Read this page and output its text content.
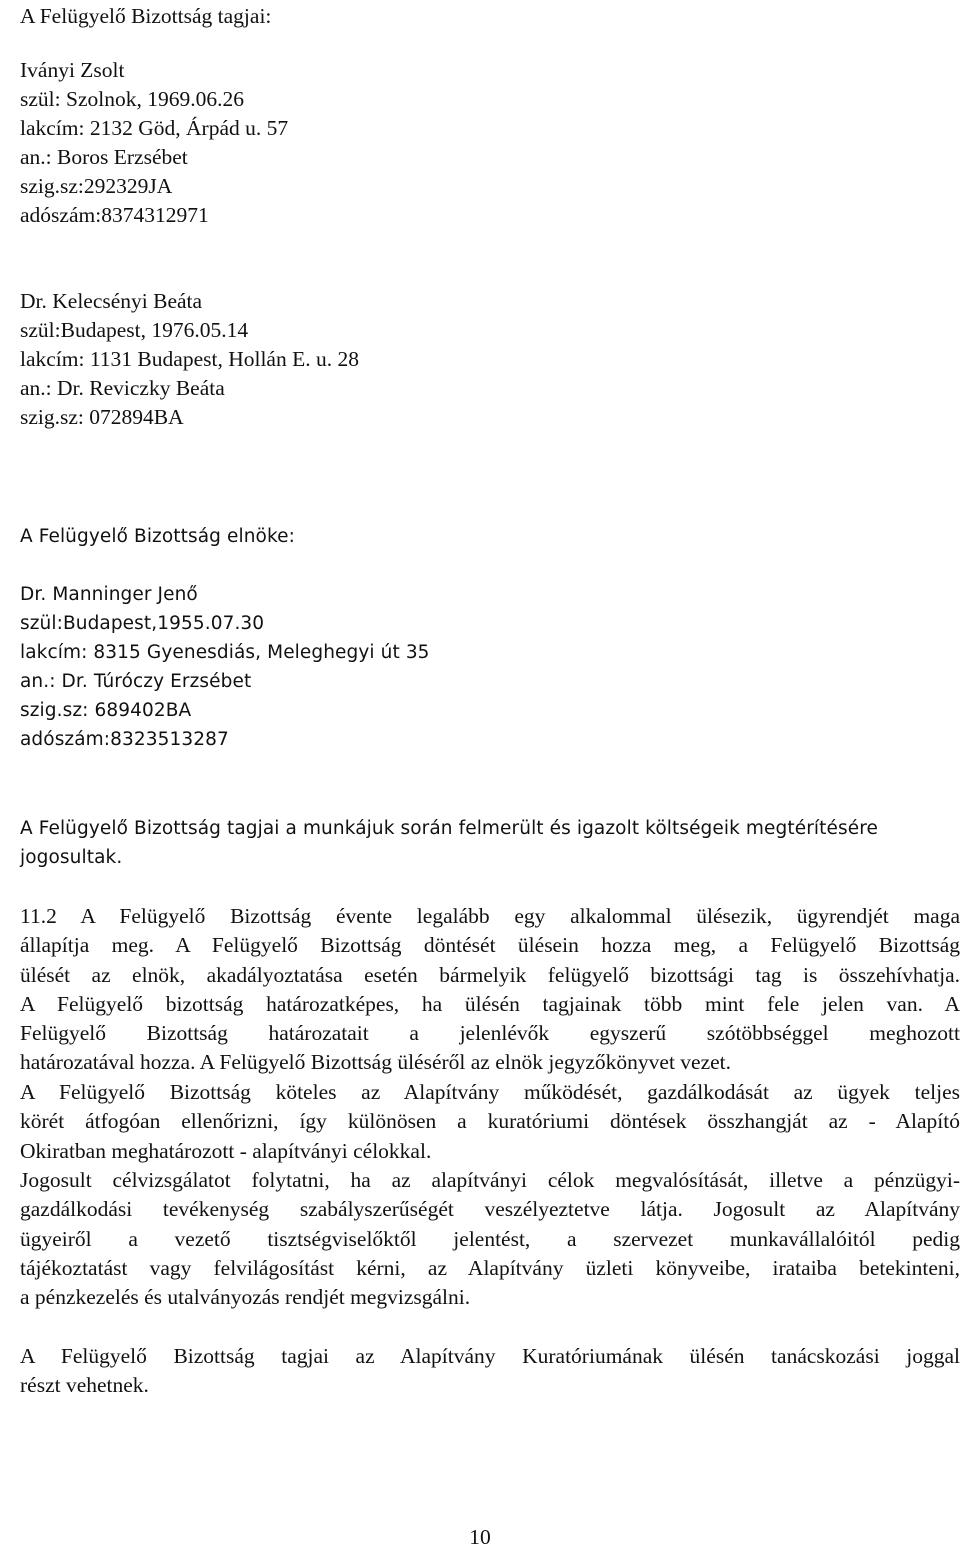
A Felügyelő Bizottság tagjai:
Iványi Zsolt
szül: Szolnok, 1969.06.26
lakcím: 2132 Göd, Árpád u. 57
an.: Boros Erzsébet
szig.sz:292329JA
adószám:8374312971
Dr. Kelecsényi Beáta
szül:Budapest, 1976.05.14
lakcím: 1131 Budapest, Hollán E. u. 28
an.: Dr. Reviczky Beáta
szig.sz: 072894BA
A Felügyelő Bizottság elnöke:
Dr. Manninger Jenő
szül:Budapest,1955.07.30
lakcím: 8315 Gyenesdiás, Meleghegyi út 35
an.: Dr. Túróczy Erzsébet
szig.sz: 689402BA
adószám:8323513287
A Felügyelő Bizottság tagjai a munkájuk során felmerült és igazolt költségeik megtérítésére
jogosultak.
11.2 A Felügyelő Bizottság évente legalább egy alkalommal ülésezik, ügyrendjét maga
állapítja meg. A Felügyelő Bizottság döntését ülésein hozza meg, a Felügyelő Bizottság
ülését az elnök, akadályoztatása esetén bármelyik felügyelő bizottsági tag is összehívhatja.
A Felügyelő bizottság határozatképes, ha ülésén tagjainak több mint fele jelen van. A
Felügyelő Bizottság határozatait a jelenlévők egyszerű szótöbbséggel meghozott
határozatával hozza. A Felügyelő Bizottság üléséről az elnök jegyzőkönyvet vezet.
A Felügyelő Bizottság köteles az Alapítvány működését, gazdálkodását az ügyek teljes
körét átfogóan ellenőrizni, így különösen a kuratóriumi döntések összhangját az - Alapító
Okiratban meghatározott - alapítványi célokkal.
Jogosult célvizsgálatot folytatni, ha az alapítványi célok megvalósítását, illetve a pénzügyi-
gazdálkodási tevékenység szabályszerűségét veszélyeztetve látja. Jogosult az Alapítvány
ügyeiről a vezető tisztségviselőktől jelentést, a szervezet munkavállalóitól pedig
tájékoztatást vagy felvilágosítást kérni, az Alapítvány üzleti könyveibe, irataiba betekinteni,
a pénzkezelés és utalványozás rendjét megvizsgálni.
A Felügyelő Bizottság tagjai az Alapítvány Kuratóriumának ülésén tanácskozási joggal
részt vehetnek.
10
